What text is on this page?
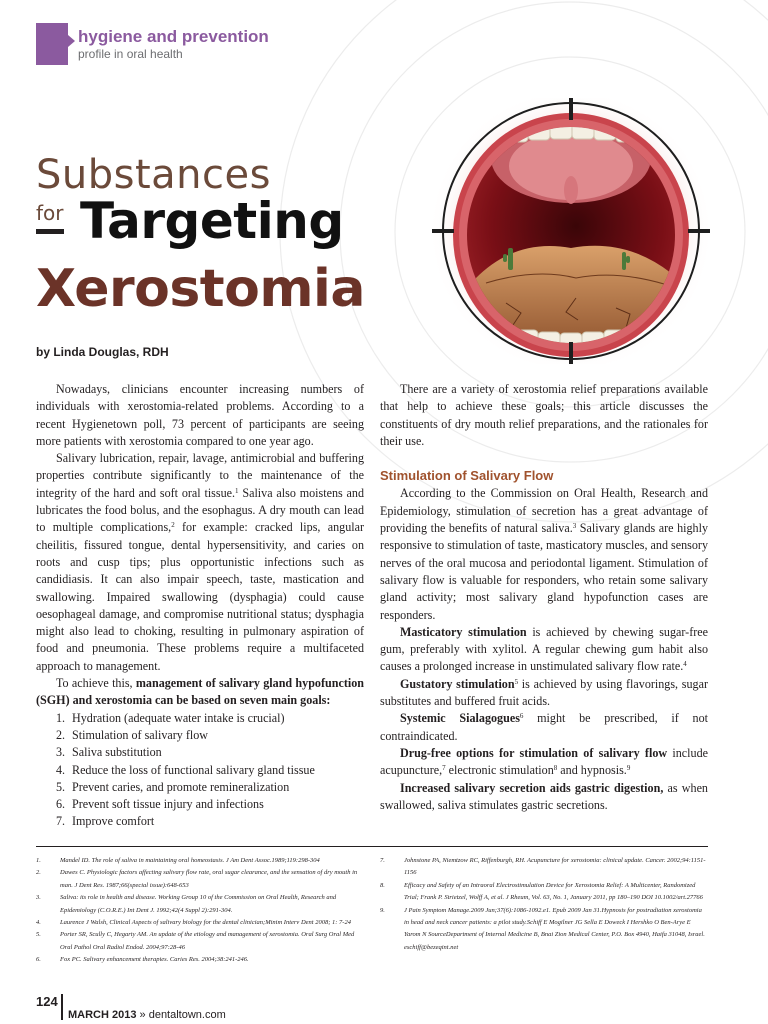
hygiene and prevention
profile in oral health
Substances
for Targeting
Xerostomia
by Linda Douglas, RDH

Nowadays, clinicians encounter increasing numbers of individuals with xerostomia-related problems. According to a recent Hygienetown poll, 73 percent of participants are seeing more patients with xerostomia compared to one year ago.

Salivary lubrication, repair, lavage, antimicrobial and buffering properties contribute significantly to the maintenance of the integrity of the hard and soft oral tissue.$^1$ Saliva also moistens and lubricates the food bolus, and the esophagus. A dry mouth can lead to multiple complications,$^2$ for example: cracked lips, angular cheilitis, fissured tongue, dental hypersensitivity, and caries on roots and cusp tips; plus opportunistic infections such as candidiasis. It can also impair speech, taste, mastication and swallowing. Impaired swallowing (dysphagia) could cause oesophageal damage, and compromise nutritional status; dysphagia might also lead to choking, resulting in pulmonary aspiration of food and pneumonia. These problems require a multifaceted approach to management.

To achieve this, management of salivary gland hypofunction (SGH) and xerostomia can be based on seven main goals:

1. Hydration (adequate water intake is crucial)
2. Stimulation of salivary flow
3. Saliva substitution
4. Reduce the loss of functional salivary gland tissue
5. Prevent caries, and promote remineralization
6. Prevent soft tissue injury and infections
7. Improve comfort

There are a variety of xerostomia relief preparations available that help to achieve these goals; this article discusses the constituents of dry mouth relief preparations, and the rationales for their use.

Stimulation of Salivary Flow

According to the Commission on Oral Health, Research and Epidemiology, stimulation of secretion has a great advantage of providing the benefits of natural saliva.$^3$ Salivary glands are highly responsive to stimulation of taste, masticatory muscles, and sensory nerves of the oral mucosa and periodontal ligament. Stimulation of salivary flow is valuable for responders, who retain some salivary gland activity; most salivary gland hypofunction cases are responders.

Masticatory stimulation is achieved by chewing sugar-free gum, preferably with xylitol. A regular chewing gum habit also causes a prolonged increase in unstimulated salivary flow rate.$^4$

Gustatory stimulation$^5$ is achieved by using flavorings, sugar substitutes and buffered fruit acids.

Systemic Sialagogues$^6$ might be prescribed, if not contraindicated.

Drug-free options for stimulation of salivary flow include acupuncture,$^7$ electronic stimulation$^8$ and hypnosis.$^9$

Increased salivary secretion aids gastric digestion, as when swallowed, saliva stimulates gastric secretions.

1.	Mandel ID. The role of saliva in maintaining oral homeostasis. J Am Dent Assoc.1989;119:298-304
2.	Dawes C. Physiologic factors affecting salivary flow rate, oral sugar clearance, and the sensation of dry mouth in man. J Dent Res. 1987;66(special issue):648-653
3.	Saliva: its role in health and disease. Working Group 10 of the Commission on Oral Health, Research and Epidemiology (C.O.R.E.) Int Dent J. 1992;42(4 Suppl 2):291-304.
4.	Laurence J Walsh, Clinical Aspects of salivary biology for the dental clinician;Minim Interv Dent 2008; 1: 7-24
5.	Porter SR, Scully C, Hegarty AM. An update of the etiology and management of xerostomia. Oral Surg Oral Med Oral Pathol Oral Radiol Endod. 2004;97:28-46
6.	Fox PC. Salivary enhancement therapies. Caries Res. 2004;38:241-246.
7.	Johnstone PA, Niemtzow RC, Riffenburgh, RH. Acupuncture for xerostomia: clinical update. Cancer. 2002;94:1151-1156
8.	Efficacy and Safety of an Intraoral Electrostimulation Device for Xerostomia Relief: A Multicenter, Randomized Trial; Frank P. Strietzel, Wolff A, et al. J Rheum, Vol. 63, No. 1, January 2011, pp 180–190 DOI 10.1002/art.27766
9.	J Pain Symptom Manage.2009 Jun;37(6):1086-1092.e1. Epub 2009 Jan 31.Hypnosis for postradiation xerostomia in head and neck cancer patients: a pilot study.Schiff E Mogilner JG Sella E Doweck I Hershko O Ben-Arye E Yarom N SourceDepartment of Internal Medicine B, Bnai Zion Medical Center, P.O. Box 4940, Haifa 31048, Israel. eschiff@bezeqint.net
124
MARCH 2013 » dentaltown.com
